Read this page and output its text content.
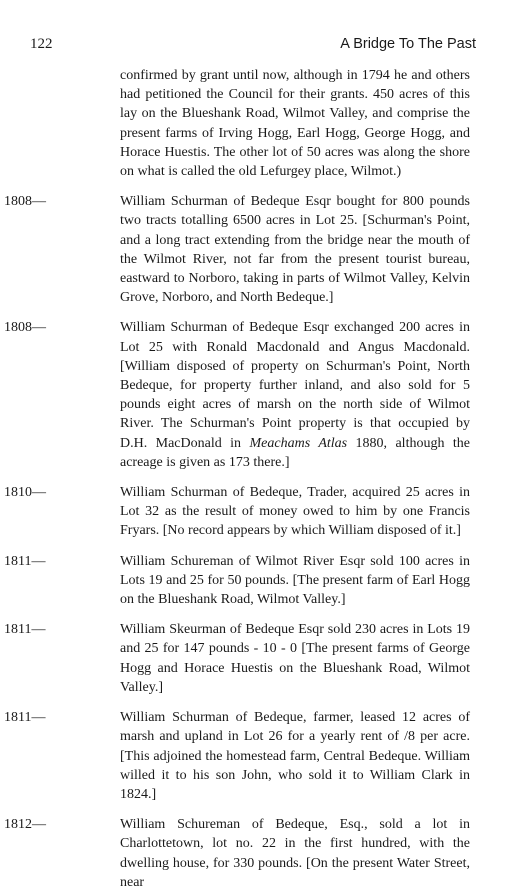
122	A Bridge To The Past
confirmed by grant until now, although in 1794 he and others had petitioned the Council for their grants. 450 acres of this lay on the Blueshank Road, Wilmot Valley, and comprise the present farms of Irving Hogg, Earl Hogg, George Hogg, and Horace Huestis. The other lot of 50 acres was along the shore on what is called the old Lefurgey place, Wilmot.)
1808—	William Schurman of Bedeque Esqr bought for 800 pounds two tracts totalling 6500 acres in Lot 25. [Schurman's Point, and a long tract extending from the bridge near the mouth of the Wilmot River, not far from the present tourist bureau, eastward to Norboro, taking in parts of Wilmot Valley, Kelvin Grove, Norboro, and North Bedeque.]
1808—	William Schurman of Bedeque Esqr exchanged 200 acres in Lot 25 with Ronald Macdonald and Angus Macdonald. [William disposed of property on Schurman's Point, North Bedeque, for property further inland, and also sold for 5 pounds eight acres of marsh on the north side of Wilmot River. The Schurman's Point property is that occupied by D.H. MacDonald in Meachams Atlas 1880, although the acreage is given as 173 there.]
1810—	William Schurman of Bedeque, Trader, acquired 25 acres in Lot 32 as the result of money owed to him by one Francis Fryars. [No record appears by which William disposed of it.]
1811—	William Schureman of Wilmot River Esqr sold 100 acres in Lots 19 and 25 for 50 pounds. [The present farm of Earl Hogg on the Blueshank Road, Wilmot Valley.]
1811—	William Skeurman of Bedeque Esqr sold 230 acres in Lots 19 and 25 for 147 pounds - 10 - 0 [The present farms of George Hogg and Horace Huestis on the Blueshank Road, Wilmot Valley.]
1811—	William Schurman of Bedeque, farmer, leased 12 acres of marsh and upland in Lot 26 for a yearly rent of /8 per acre. [This adjoined the homestead farm, Central Bedeque. William willed it to his son John, who sold it to William Clark in 1824.]
1812—	William Schureman of Bedeque, Esq., sold a lot in Charlottetown, lot no. 22 in the first hundred, with the dwelling house, for 330 pounds. [On the present Water Street, near
